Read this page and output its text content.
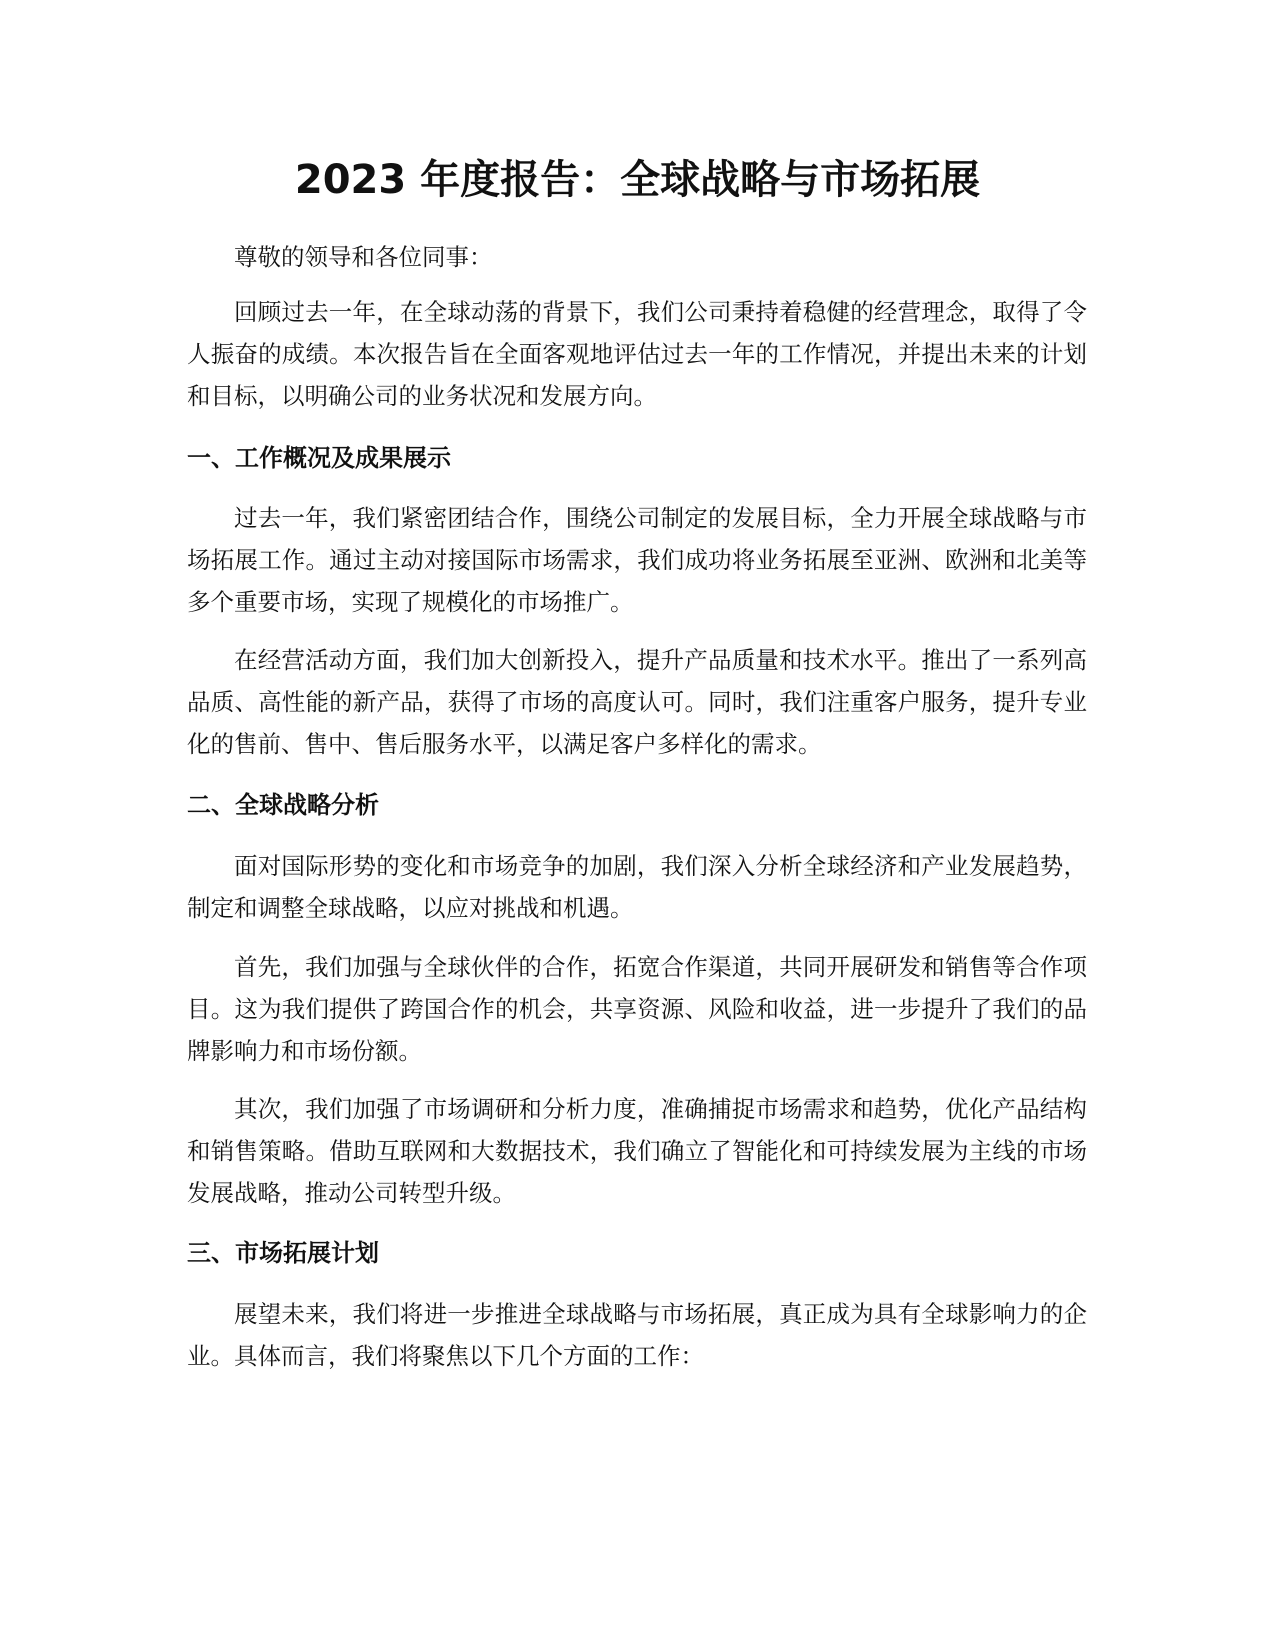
2023 年度报告：全球战略与市场拓展

尊敬的领导和各位同事：

回顾过去一年，在全球动荡的背景下，我们公司秉持着稳健的经营理念，取得了令人振奋的成绩。本次报告旨在全面客观地评估过去一年的工作情况，并提出未来的计划和目标，以明确公司的业务状况和发展方向。

一、工作概况及成果展示

过去一年，我们紧密团结合作，围绕公司制定的发展目标，全力开展全球战略与市场拓展工作。通过主动对接国际市场需求，我们成功将业务拓展至亚洲、欧洲和北美等多个重要市场，实现了规模化的市场推广。

在经营活动方面，我们加大创新投入，提升产品质量和技术水平。推出了一系列高品质、高性能的新产品，获得了市场的高度认可。同时，我们注重客户服务，提升专业化的售前、售中、售后服务水平，以满足客户多样化的需求。

二、全球战略分析

面对国际形势的变化和市场竞争的加剧，我们深入分析全球经济和产业发展趋势，制定和调整全球战略，以应对挑战和机遇。

首先，我们加强与全球伙伴的合作，拓宽合作渠道，共同开展研发和销售等合作项目。这为我们提供了跨国合作的机会，共享资源、风险和收益，进一步提升了我们的品牌影响力和市场份额。

其次，我们加强了市场调研和分析力度，准确捕捉市场需求和趋势，优化产品结构和销售策略。借助互联网和大数据技术，我们确立了智能化和可持续发展为主线的市场发展战略，推动公司转型升级。

三、市场拓展计划

展望未来，我们将进一步推进全球战略与市场拓展，真正成为具有全球影响力的企业。具体而言，我们将聚焦以下几个方面的工作：
